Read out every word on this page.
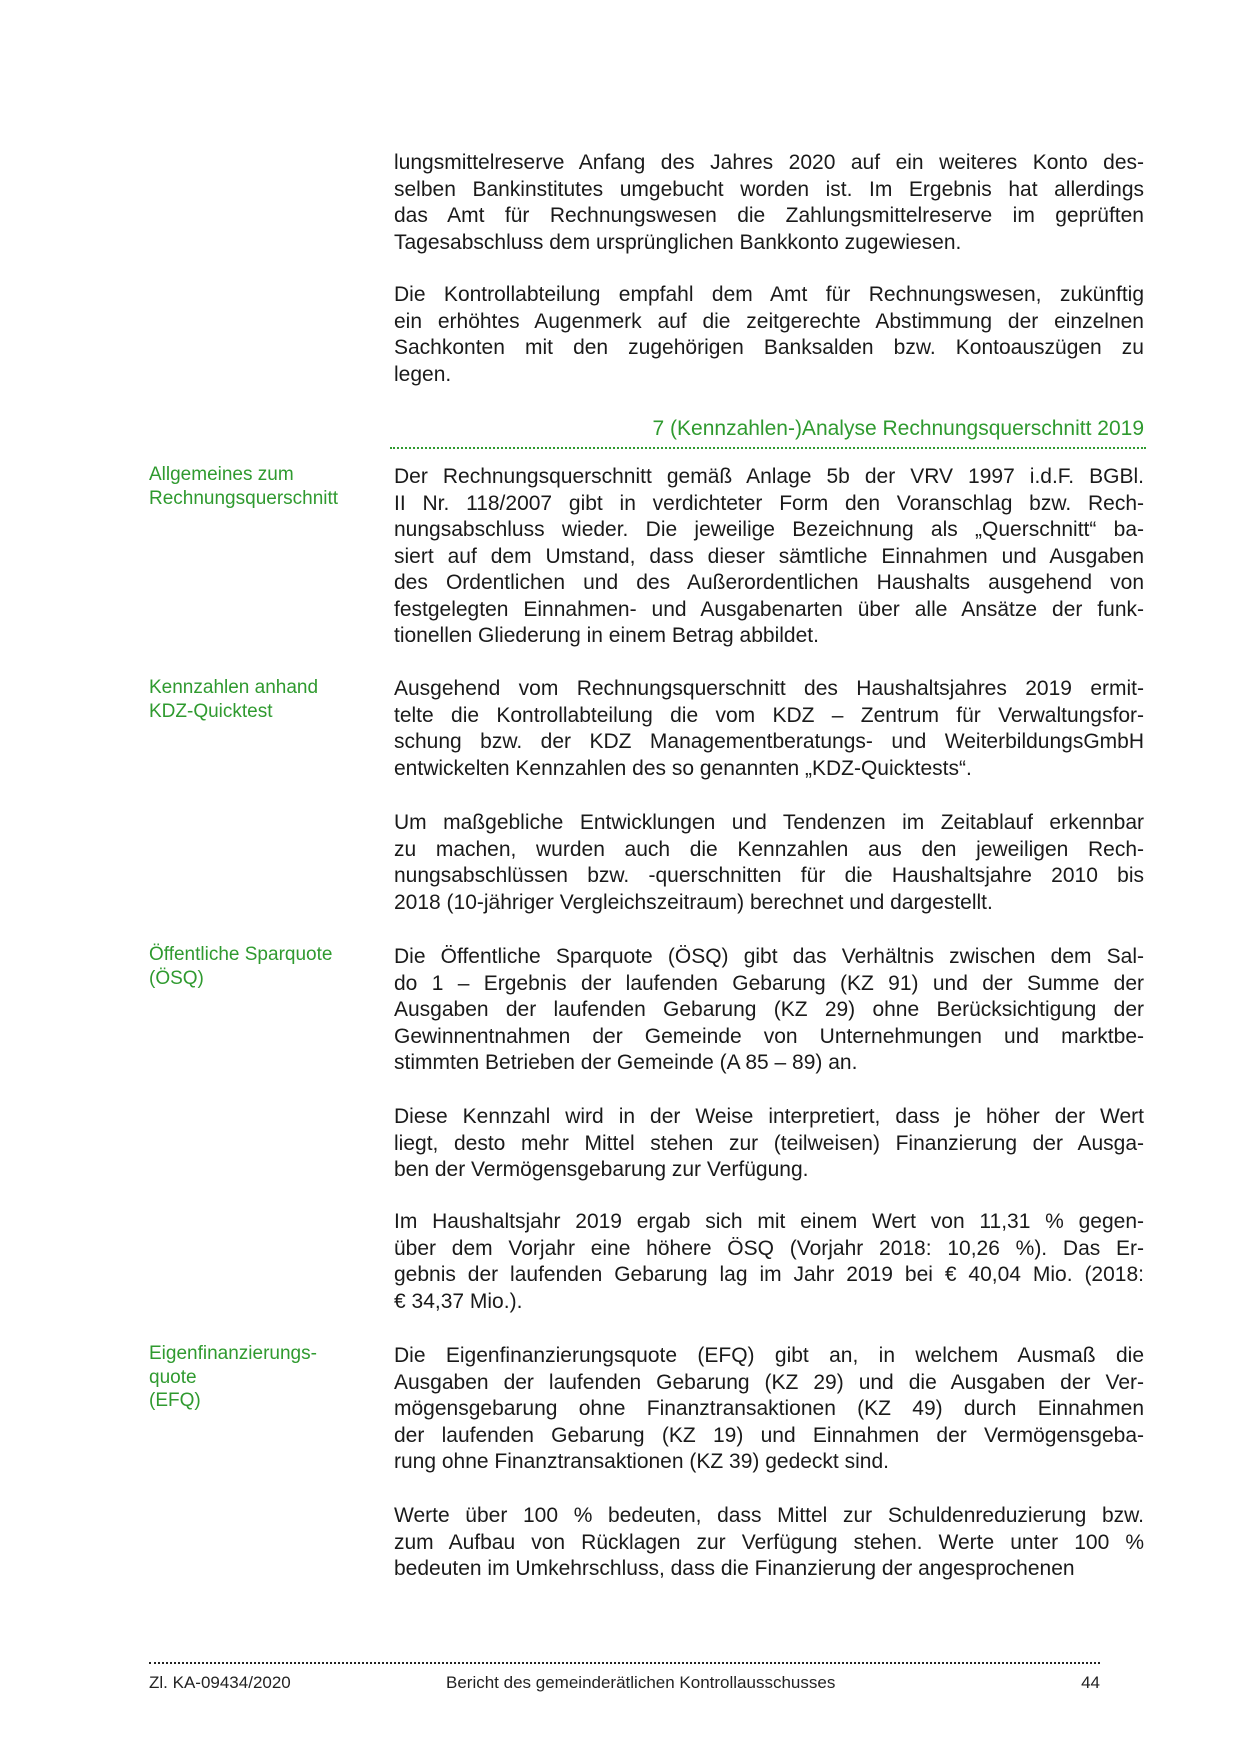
lungsmittelreserve Anfang des Jahres 2020 auf ein weiteres Konto des-
selben Bankinstitutes umgebucht worden ist. Im Ergebnis hat allerdings
das Amt für Rechnungswesen die Zahlungsmittelreserve im geprüften
Tagesabschluss dem ursprünglichen Bankkonto zugewiesen.
Die Kontrollabteilung empfahl dem Amt für Rechnungswesen, zukünftig
ein erhöhtes Augenmerk auf die zeitgerechte Abstimmung der einzelnen
Sachkonten mit den zugehörigen Banksalden bzw. Kontoauszügen zu
legen.
Der Rechnungsquerschnitt gemäß Anlage 5b der VRV 1997 i.d.F. BGBl.
II Nr. 118/2007 gibt in verdichteter Form den Voranschlag bzw. Rech-
nungsabschluss wieder. Die jeweilige Bezeichnung als „Querschnitt“ ba-
siert auf dem Umstand, dass dieser sämtliche Einnahmen und Ausgaben
des Ordentlichen und des Außerordentlichen Haushalts ausgehend von
festgelegten Einnahmen- und Ausgabenarten über alle Ansätze der funk-
tionellen Gliederung in einem Betrag abbildet.
Ausgehend vom Rechnungsquerschnitt des Haushaltsjahres 2019 ermit-
telte die Kontrollabteilung die vom KDZ – Zentrum für Verwaltungsfor-
schung bzw. der KDZ Managementberatungs- und WeiterbildungsGmbH
entwickelten Kennzahlen des so genannten „KDZ-Quicktests“.
Um maßgebliche Entwicklungen und Tendenzen im Zeitablauf erkennbar
zu machen, wurden auch die Kennzahlen aus den jeweiligen Rech-
nungsabschlüssen bzw. -querschnitten für die Haushaltsjahre 2010 bis
2018 (10-jähriger Vergleichszeitraum) berechnet und dargestellt.
Die Öffentliche Sparquote (ÖSQ) gibt das Verhältnis zwischen dem Sal-
do 1 – Ergebnis der laufenden Gebarung (KZ 91) und der Summe der
Ausgaben der laufenden Gebarung (KZ 29) ohne Berücksichtigung der
Gewinnentnahmen der Gemeinde von Unternehmungen und marktbe-
stimmten Betrieben der Gemeinde (A 85 – 89) an.
Diese Kennzahl wird in der Weise interpretiert, dass je höher der Wert
liegt, desto mehr Mittel stehen zur (teilweisen) Finanzierung der Ausga-
ben der Vermögensgebarung zur Verfügung.
Im Haushaltsjahr 2019 ergab sich mit einem Wert von 11,31 % gegen-
über dem Vorjahr eine höhere ÖSQ (Vorjahr 2018: 10,26 %). Das Er-
gebnis der laufenden Gebarung lag im Jahr 2019 bei € 40,04 Mio. (2018:
€ 34,37 Mio.).
Die Eigenfinanzierungsquote (EFQ) gibt an, in welchem Ausmaß die
Ausgaben der laufenden Gebarung (KZ 29) und die Ausgaben der Ver-
mögensgebarung ohne Finanztransaktionen (KZ 49) durch Einnahmen
der laufenden Gebarung (KZ 19) und Einnahmen der Vermögensgeba-
rung ohne Finanztransaktionen (KZ 39) gedeckt sind.
Werte über 100 % bedeuten, dass Mittel zur Schuldenreduzierung bzw.
zum Aufbau von Rücklagen zur Verfügung stehen. Werte unter 100 %
bedeuten im Umkehrschluss, dass die Finanzierung der angesprochenen
Allgemeines zum
Rechnungsquerschnitt
Kennzahlen anhand
KDZ-Quicktest
Öffentliche Sparquote
(ÖSQ)
Eigenfinanzierungs-
quote
(EFQ)
7 (Kennzahlen-)Analyse Rechnungsquerschnitt 2019
Zl. KA-09434/2020	Bericht des gemeinderätlichen Kontrollausschusses	44
